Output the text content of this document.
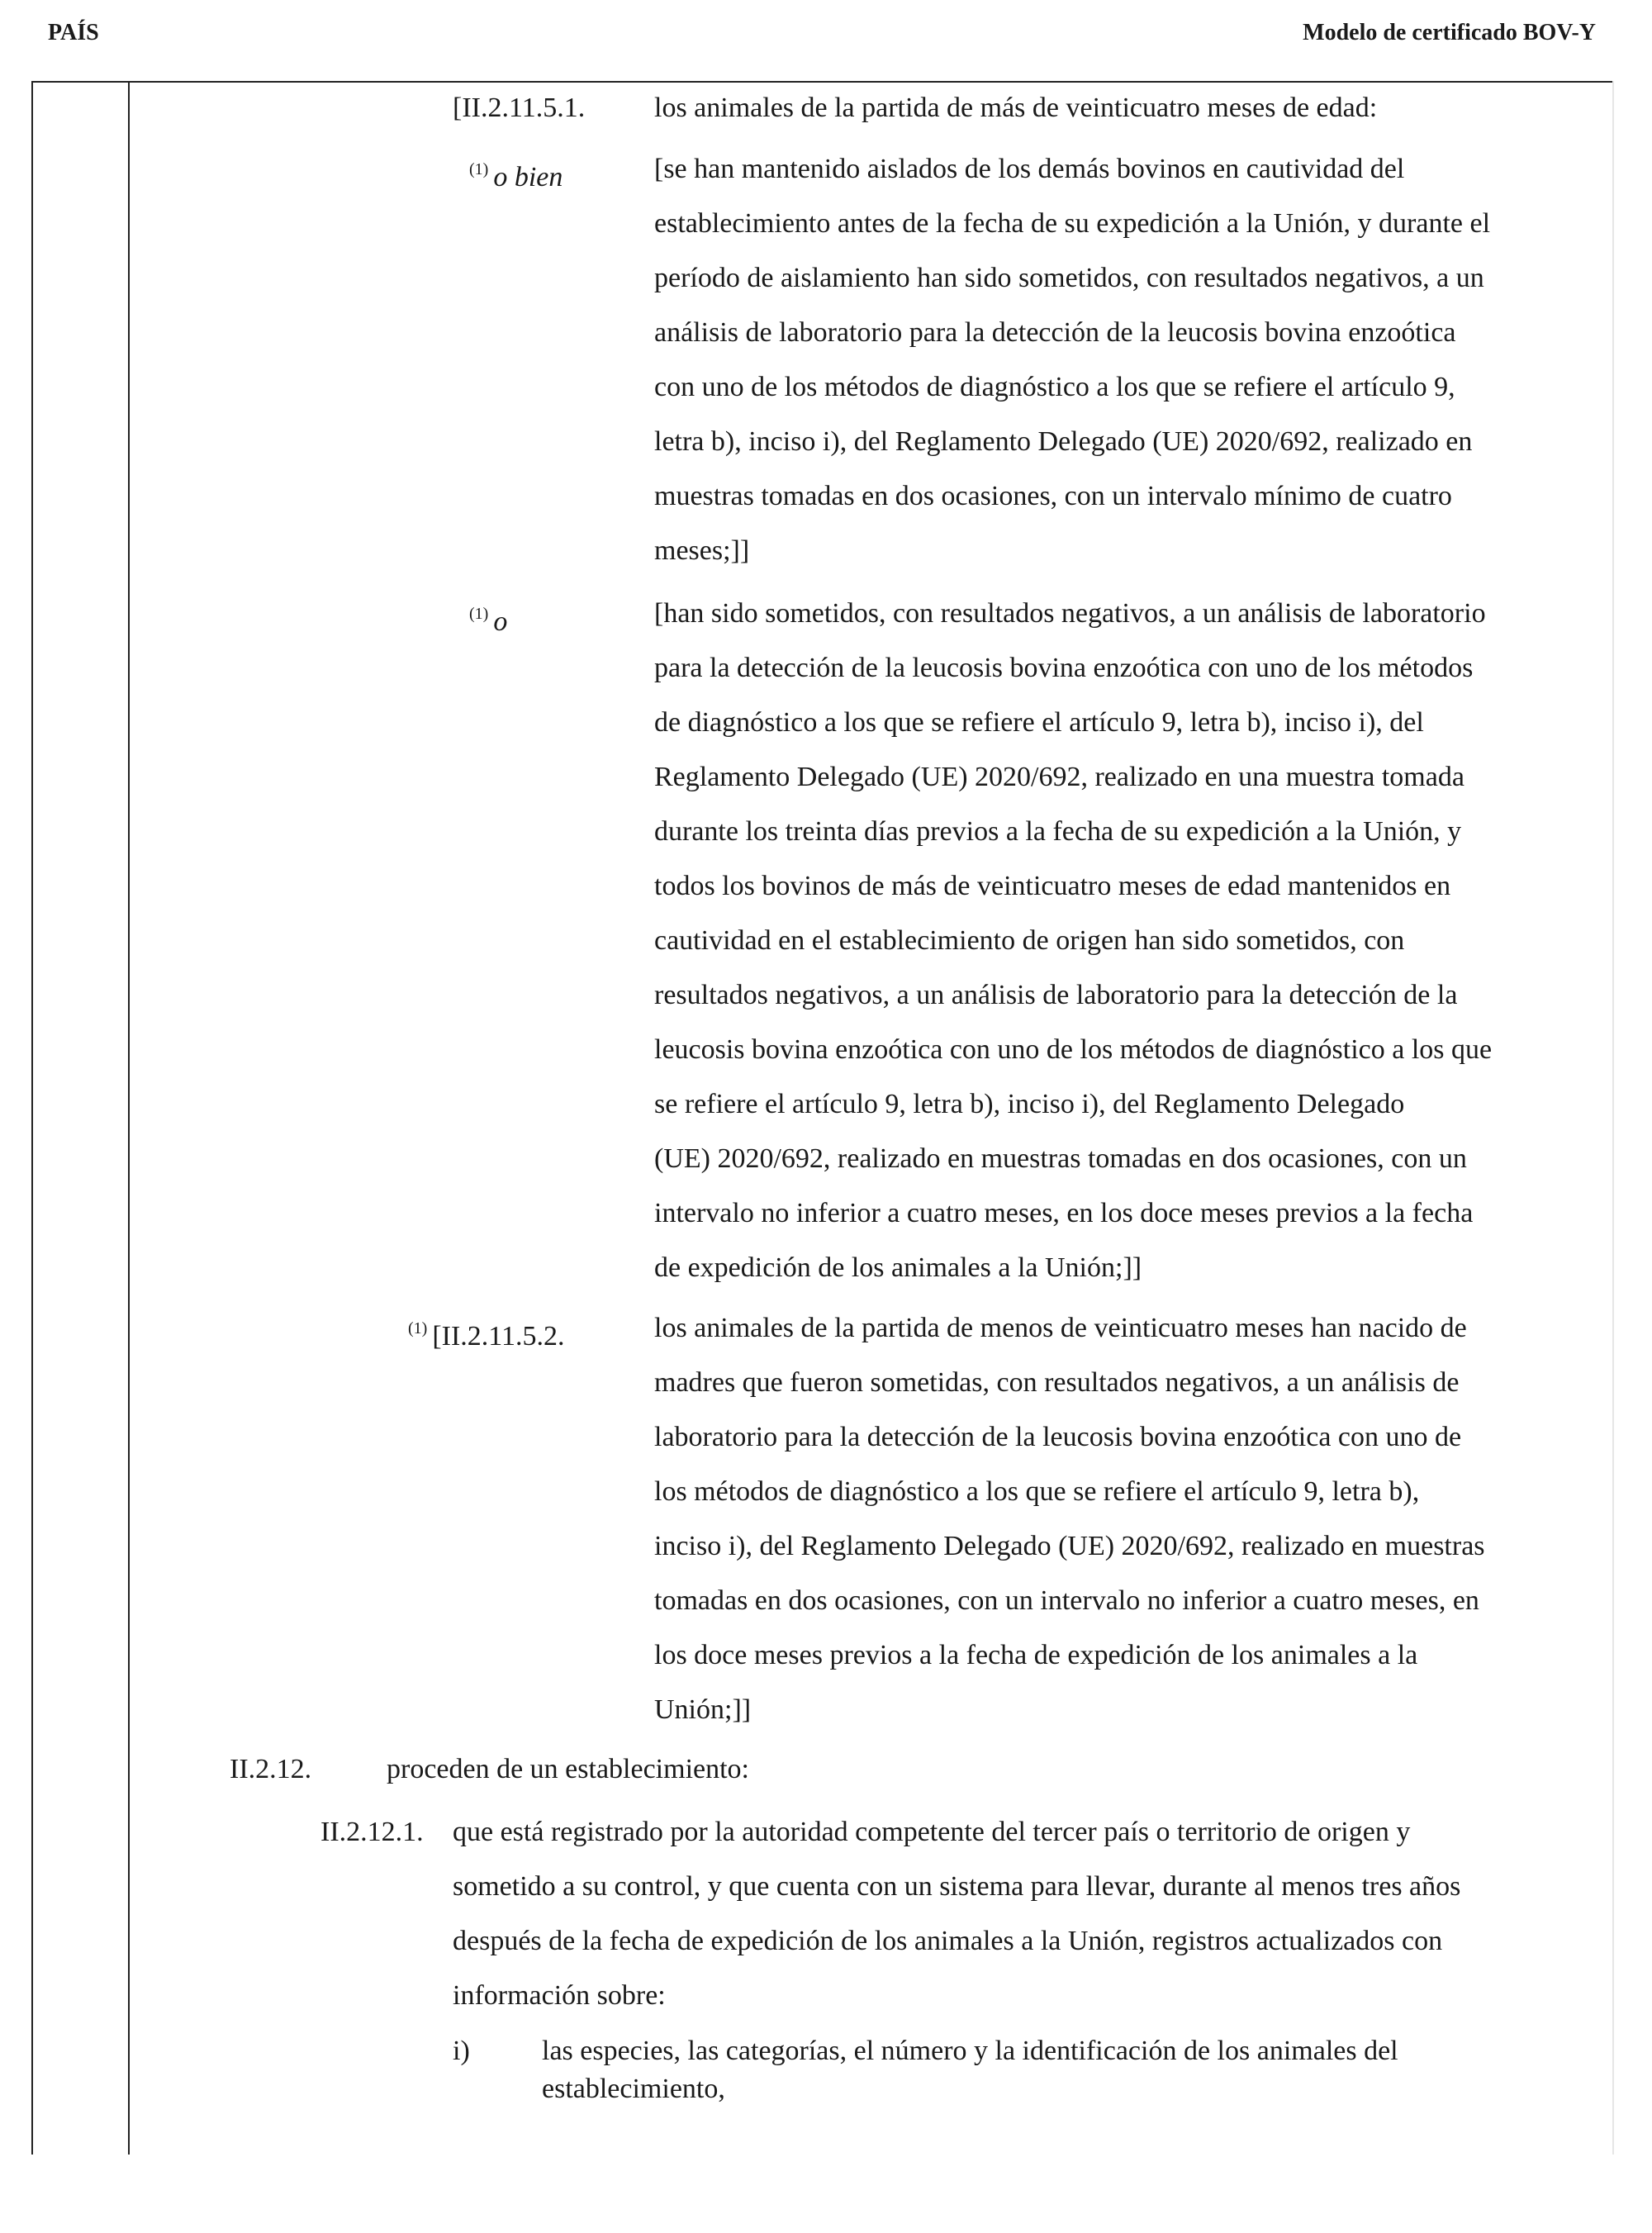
PAÍS	Modelo de certificado BOV-Y
[II.2.11.5.1. los animales de la partida de más de veinticuatro meses de edad:
$^{(1)}$ o bien	[se han mantenido aislados de los demás bovinos en cautividad del
establecimiento antes de la fecha de su expedición a la Unión, y durante el
período de aislamiento han sido sometidos, con resultados negativos, a un
análisis de laboratorio para la detección de la leucosis bovina enzoótica
con uno de los métodos de diagnóstico a los que se refiere el artículo 9,
letra b), inciso i), del Reglamento Delegado (UE) 2020/692, realizado en
muestras tomadas en dos ocasiones, con un intervalo mínimo de cuatro
meses;]]
$^{(1)}$ o	[han sido sometidos, con resultados negativos, a un análisis de laboratorio
para la detección de la leucosis bovina enzoótica con uno de los métodos
de diagnóstico a los que se refiere el artículo 9, letra b), inciso i), del
Reglamento Delegado (UE) 2020/692, realizado en una muestra tomada
durante los treinta días previos a la fecha de su expedición a la Unión, y
todos los bovinos de más de veinticuatro meses de edad mantenidos en
cautividad en el establecimiento de origen han sido sometidos, con
resultados negativos, a un análisis de laboratorio para la detección de la
leucosis bovina enzoótica con uno de los métodos de diagnóstico a los que
se refiere el artículo 9, letra b), inciso i), del Reglamento Delegado
(UE) 2020/692, realizado en muestras tomadas en dos ocasiones, con un
intervalo no inferior a cuatro meses, en los doce meses previos a la fecha
de expedición de los animales a la Unión;]]
$^{(1)}$ [II.2.11.5.2.	los animales de la partida de menos de veinticuatro meses han nacido de
madres que fueron sometidas, con resultados negativos, a un análisis de
laboratorio para la detección de la leucosis bovina enzoótica con uno de
los métodos de diagnóstico a los que se refiere el artículo 9, letra b),
inciso i), del Reglamento Delegado (UE) 2020/692, realizado en muestras
tomadas en dos ocasiones, con un intervalo no inferior a cuatro meses, en
los doce meses previos a la fecha de expedición de los animales a la
Unión;]]
II.2.12.	proceden de un establecimiento:
II.2.12.1. que está registrado por la autoridad competente del tercer país o territorio de origen y
sometido a su control, y que cuenta con un sistema para llevar, durante al menos tres años
después de la fecha de expedición de los animales a la Unión, registros actualizados con
información sobre:
i)	las especies, las categorías, el número y la identificación de los animales del
establecimiento,
